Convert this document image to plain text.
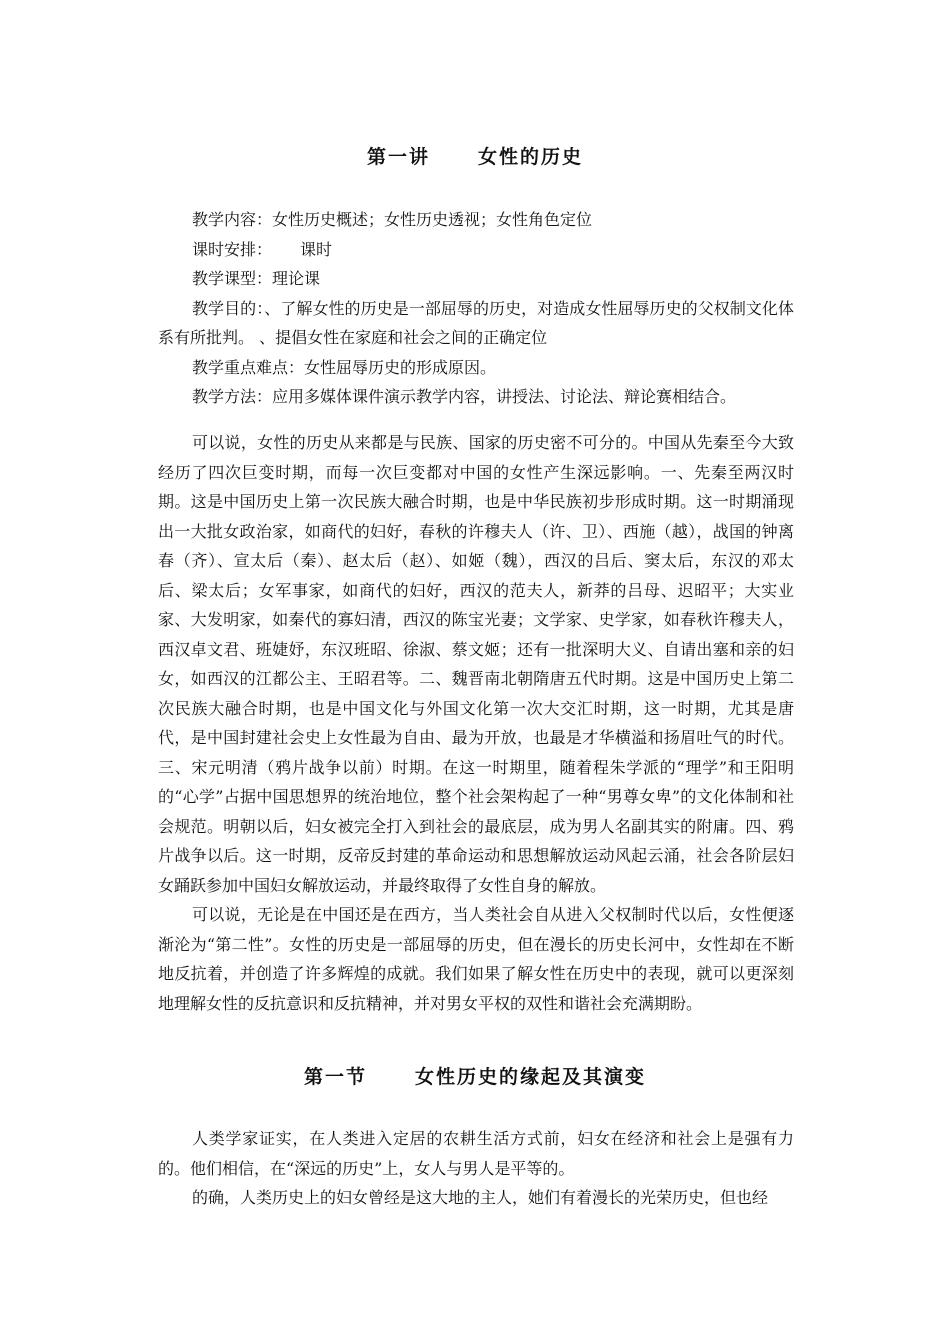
第一讲	女性的历史

教学内容：女性历史概述；女性历史透视；女性角色定位

课时安排： 课时

教学课型：理论课

教学目的：、了解女性的历史是一部屈辱的历史，对造成女性屈辱历史的父权制文化体系有所批判。 、提倡女性在家庭和社会之间的正确定位

教学重点难点：女性屈辱历史的形成原因。

教学方法：应用多媒体课件演示教学内容，讲授法、讨论法、辩论赛相结合。

可以说，女性的历史从来都是与民族、国家的历史密不可分的。中国从先秦至今大致经历了四次巨变时期，而每一次巨变都对中国的女性产生深远影响。一、先秦至两汉时期。这是中国历史上第一次民族大融合时期，也是中华民族初步形成时期。这一时期涌现出一大批女政治家，如商代的妇好，春秋的许穆夫人（许、卫）、西施（越），战国的钟离春（齐）、宣太后（秦）、赵太后（赵）、如姬（魏），西汉的吕后、窦太后，东汉的邓太后、梁太后；女军事家，如商代的妇好，西汉的范夫人，新莽的吕母、迟昭平；大实业家、大发明家，如秦代的寡妇清，西汉的陈宝光妻；文学家、史学家，如春秋许穆夫人，西汉卓文君、班婕妤，东汉班昭、徐淑、蔡文姬；还有一批深明大义、自请出塞和亲的妇女，如西汉的江都公主、王昭君等。二、魏晋南北朝隋唐五代时期。这是中国历史上第二次民族大融合时期，也是中国文化与外国文化第一次大交汇时期，这一时期，尤其是唐代，是中国封建社会史上女性最为自由、最为开放，也最是才华横溢和扬眉吐气的时代。三、宋元明清（鸦片战争以前）时期。在这一时期里，随着程朱学派的“理学”和王阳明的“心学”占据中国思想界的统治地位，整个社会架构起了一种“男尊女卑”的文化体制和社会规范。明朝以后，妇女被完全打入到社会的最底层，成为男人名副其实的附庸。四、鸦片战争以后。这一时期，反帝反封建的革命运动和思想解放运动风起云涌，社会各阶层妇女踊跃参加中国妇女解放运动，并最终取得了女性自身的解放。

可以说，无论是在中国还是在西方，当人类社会自从进入父权制时代以后，女性便逐渐沦为“第二性”。女性的历史是一部屈辱的历史，但在漫长的历史长河中，女性却在不断地反抗着，并创造了许多辉煌的成就。我们如果了解女性在历史中的表现，就可以更深刻地理解女性的反抗意识和反抗精神，并对男女平权的双性和谐社会充满期盼。

第一节	女性历史的缘起及其演变

人类学家证实，在人类进入定居的农耕生活方式前，妇女在经济和社会上是强有力的。他们相信，在“深远的历史”上，女人与男人是平等的。

的确，人类历史上的妇女曾经是这大地的主人，她们有着漫长的光荣历史，但也经
